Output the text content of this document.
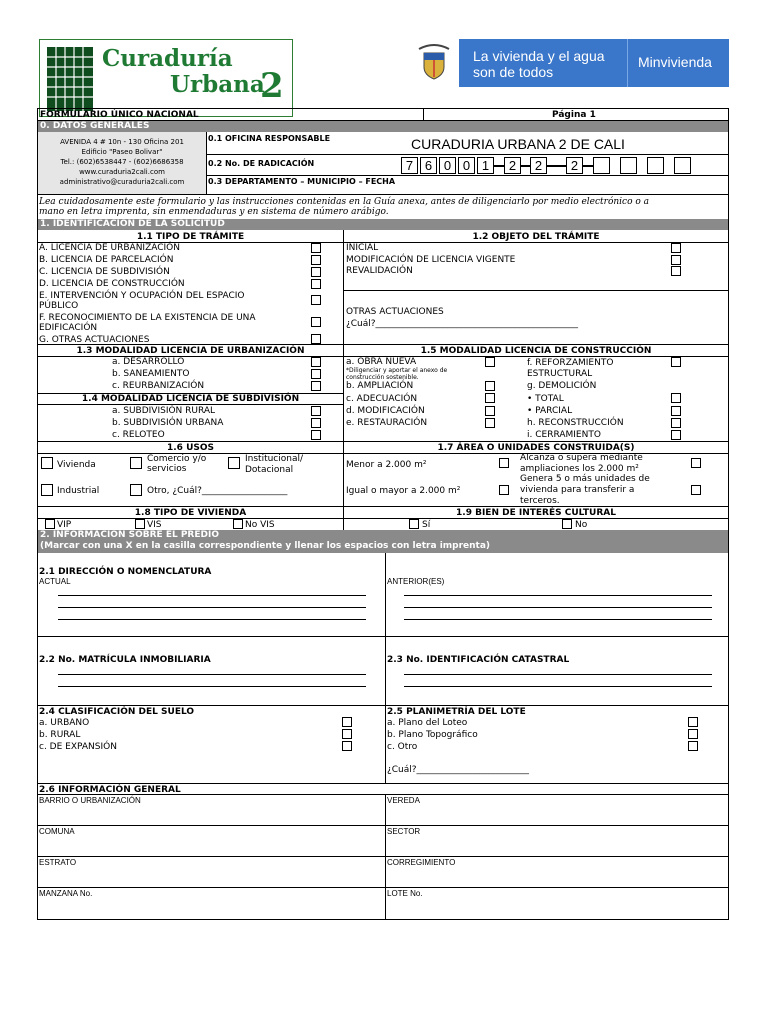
Curaduría
Urbana
2
La vivienda y el agua
son de todos
Minvivienda
FORMULARIO ÚNICO NACIONAL	Página 1
0. DATOS GENERALES
AVENIDA 4 # 10n - 130 Oficina 201
Edificio "Paseo Bolivar"
Tel.: (602)6538447 - (602)6686358
www.curaduria2cali.com
administrativo@curaduria2cali.com
0.1 OFICINA RESPONSABLE	CURADURIA URBANA 2 DE CALI
0.2 No. DE RADICACIÓN	7 6 0 0 1	2	2
2
0.3 DEPARTAMENTO – MUNICIPIO – FECHA
Lea cuidadosamente este formulario y las instrucciones contenidas en la Guía anexa, antes de diligenciarlo por medio electrónico o a
mano en letra imprenta, sin enmendaduras y en sistema de número arábigo.
1. IDENTIFICACIÓN DE LA SOLICITUD
1.1 TIPO DE TRÁMITE	1.2 OBJETO DEL TRÁMITE
A. LICENCIA DE URBANIZACIÓN
B. LICENCIA DE PARCELACIÓN
C. LICENCIA DE SUBDIVISIÓN
D. LICENCIA DE CONSTRUCCIÓN
E. INTERVENCIÓN Y OCUPACIÓN DEL ESPACIO
PÚBLICO
F. RECONOCIMIENTO DE LA EXISTENCIA DE UNA
EDIFICACIÓN
G. OTRAS ACTUACIONES
INICIAL
MODIFICACIÓN DE LICENCIA VIGENTE
REVALIDACIÓN
OTRAS ACTUACIONES
¿Cuál?_____________________________________________
1.3 MODALIDAD LICENCIA DE URBANIZACIÓN	1.5 MODALIDAD LICENCIA DE CONSTRUCCIÓN
a. DESARROLLO
b. SANEAMIENTO
c. REURBANIZACIÓN
1.4 MODALIDAD LICENCIA DE SUBDIVISIÓN
a. SUBDIVISIÓN RURAL
b. SUBDIVISIÓN URBANA
c. RELOTEO
a. OBRA NUEVA
*Diligenciar y aportar el anexo de
construcción sostenible.
b. AMPLIACIÓN
c. ADECUACIÓN
d. MODIFICACIÓN
e. RESTAURACIÓN
f. REFORZAMIENTO
ESTRUCTURAL
g. DEMOLICIÓN
• TOTAL
• PARCIAL
h. RECONSTRUCCIÓN
i. CERRAMIENTO
1.6 USOS	1.7 ÁREA O UNIDADES CONSTRUIDA(S)
Vivienda
Comercio y/o
servicios
Institucional/
Dotacional
Industrial	Otro, ¿Cuál?___________________
Menor a 2.000 m²
Alcanza o supera mediante
ampliaciones los 2.000 m²
Igual o mayor a 2.000 m²
Genera 5 o más unidades de
vivienda para transferir a
terceros.
1.8 TIPO DE VIVIENDA	1.9 BIEN DE INTERÉS CULTURAL
VIP	VIS	No VIS	Sí	No
2. INFORMACIÓN SOBRE EL PREDIO
(Marcar con una X en la casilla correspondiente y llenar los espacios con letra imprenta)
2.1 DIRECCIÓN O NOMENCLATURA
ACTUAL	ANTERIOR(ES)
2.2 No. MATRÍCULA INMOBILIARIA	2.3 No. IDENTIFICACIÓN CATASTRAL
2.4 CLASIFICACIÓN DEL SUELO
a. URBANO
b. RURAL
c. DE EXPANSIÓN
2.5 PLANIMETRÍA DEL LOTE
a. Plano del Loteo
b. Plano Topográfico
c. Otro
¿Cuál?_________________________
2.6 INFORMACIÓN GENERAL
BARRIO O URBANIZACIÓN	VEREDA
COMUNA	SECTOR
ESTRATO	CORREGIMIENTO
MANZANA No.	LOTE No.
